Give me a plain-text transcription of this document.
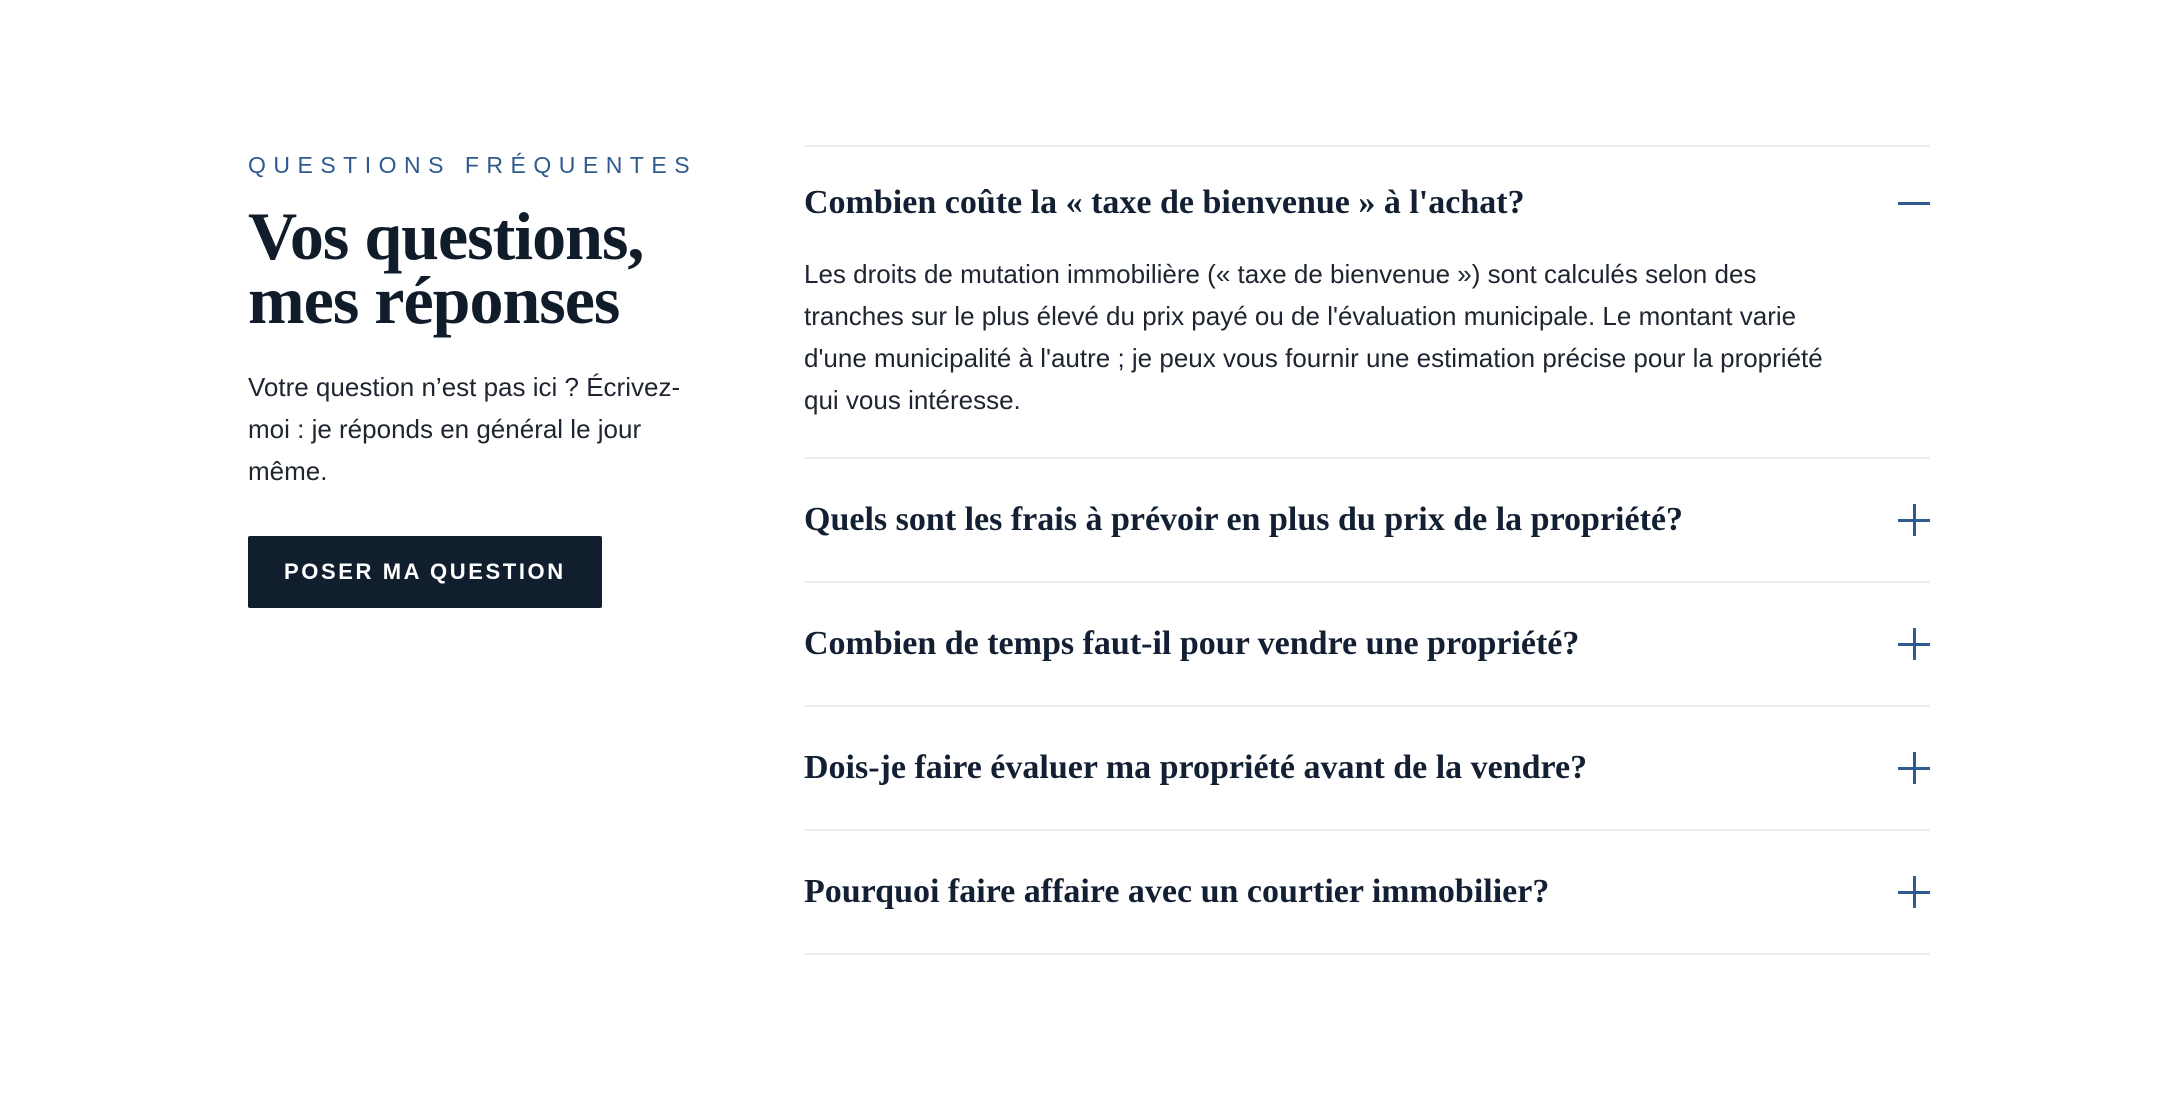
QUESTIONS FRÉQUENTES

Vos questions,
mes réponses

Votre question n’est pas ici ? Écrivez-moi : je réponds en général le jour même.

POSER MA QUESTION
Combien coûte la « taxe de bienvenue » à l'achat?
Les droits de mutation immobilière (« taxe de bienvenue ») sont calculés selon des tranches sur le plus élevé du prix payé ou de l'évaluation municipale. Le montant varie d'une municipalité à l'autre ; je peux vous fournir une estimation précise pour la propriété qui vous intéresse.
Quels sont les frais à prévoir en plus du prix de la propriété?
Combien de temps faut-il pour vendre une propriété?
Dois-je faire évaluer ma propriété avant de la vendre?
Pourquoi faire affaire avec un courtier immobilier?
